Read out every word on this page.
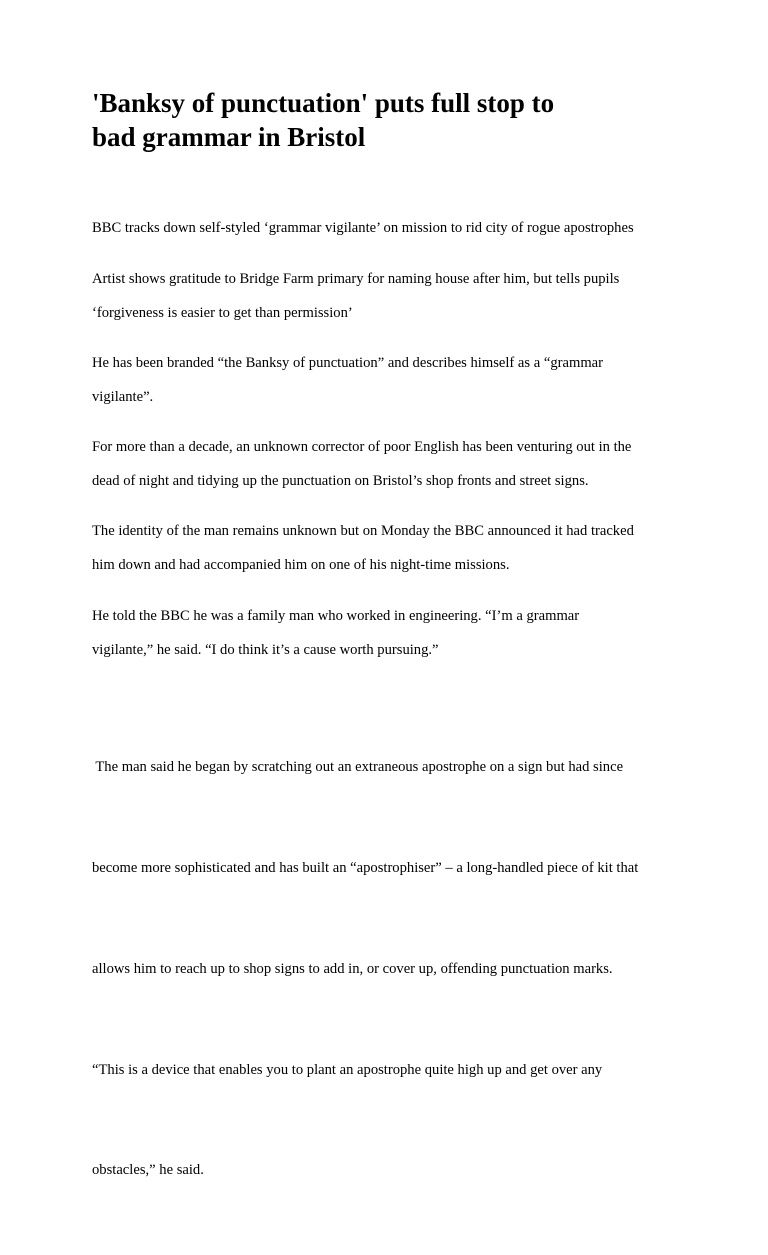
'Banksy of punctuation' puts full stop to
bad grammar in Bristol

BBC tracks down self-styled ‘grammar vigilante’ on mission to rid city of rogue apostrophes

Artist shows gratitude to Bridge Farm primary for naming house after him, but tells pupils
‘forgiveness is easier to get than permission’

He has been branded “the Banksy of punctuation” and describes himself as a “grammar
vigilante”.

For more than a decade, an unknown corrector of poor English has been venturing out in the
dead of night and tidying up the punctuation on Bristol’s shop fronts and street signs.

The identity of the man remains unknown but on Monday the BBC announced it had tracked
him down and had accompanied him on one of his night-time missions.

He told the BBC he was a family man who worked in engineering. “I’m a grammar
vigilante,” he said. “I do think it’s a cause worth pursuing.”

The man said he began by scratching out an extraneous apostrophe on a sign but had since

become more sophisticated and has built an “apostrophiser” – a long-handled piece of kit that

allows him to reach up to shop signs to add in, or cover up, offending punctuation marks.

“This is a device that enables you to plant an apostrophe quite high up and get over any

obstacles,” he said.
